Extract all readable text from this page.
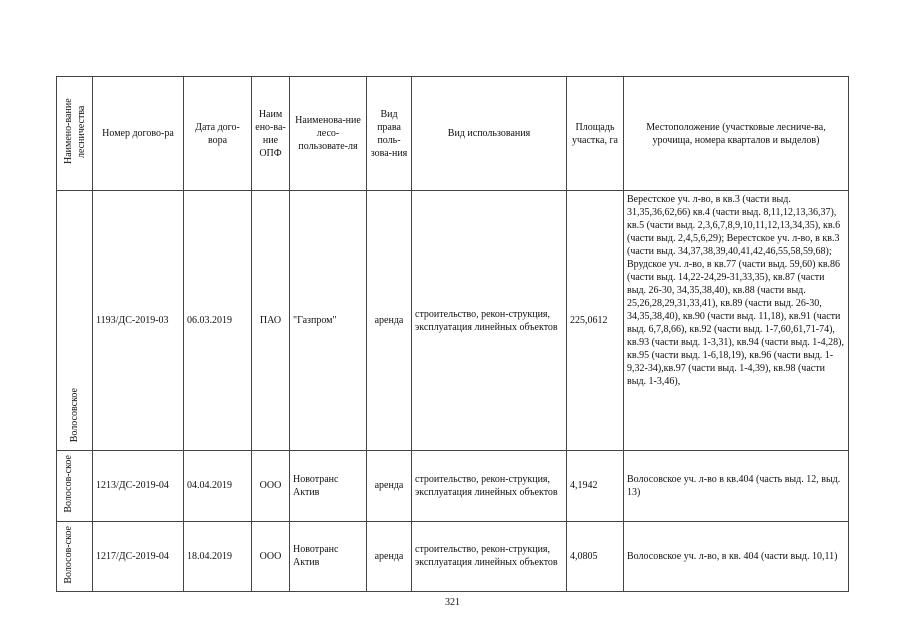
Наимено-вание лесничества	Номер догово-ра	Дата дого-вора	Наим ено-ва-ние ОПФ	Наименова-ние лесо-пользовате-ля	Вид права поль-зова-ния	Вид использования	Площадь участка, га	Местоположение (участковые лесниче-ва, урочища, номера кварталов и выделов)
Волосовское	1193/ДС-2019-03	06.03.2019	ПАО	"Газпром"	аренда	строительство, рекон-струкция, эксплуатация линейных объектов	225,0612	Верестское уч. л-во, в кв.3 (части выд. 31,35,36,62,66) кв.4 (части выд. 8,11,12,13,36,37), кв.5 (части выд. 2,3,6,7,8,9,10,11,12,13,34,35), кв.6 (части выд. 2,4,5,6,29); Верестское уч. л-во, в кв.3 (части выд. 34,37,38,39,40,41,42,46,55,58,59,68); Врудское уч. л-во, в кв.77 (части выд. 59,60) кв.86 (части выд. 14,22-24,29-31,33,35), кв.87 (части выд. 26-30, 34,35,38,40), кв.88 (части выд. 25,26,28,29,31,33,41), кв.89 (части выд. 26-30, 34,35,38,40), кв.90 (части выд. 11,18), кв.91 (части выд. 6,7,8,66), кв.92 (части выд. 1-7,60,61,71-74), кв.93 (части выд. 1-3,31), кв.94 (части выд. 1-4,28), кв.95 (части выд. 1-6,18,19), кв.96 (части выд. 1-9,32-34),кв.97 (части выд. 1-4,39), кв.98 (части выд. 1-3,46),
Волосов-ское	1213/ДС-2019-04	04.04.2019	ООО	Новотранс Актив	аренда	строительство, рекон-струкция, эксплуатация линейных объектов	4,1942	Волосовское уч. л-во в кв.404 (часть выд. 12, выд. 13)
Волосов-ское	1217/ДС-2019-04	18.04.2019	ООО	Новотранс Актив	аренда	строительство, рекон-струкция, эксплуатация линейных объектов	4,0805	Волосовское уч. л-во, в кв. 404 (части выд. 10,11)
321
